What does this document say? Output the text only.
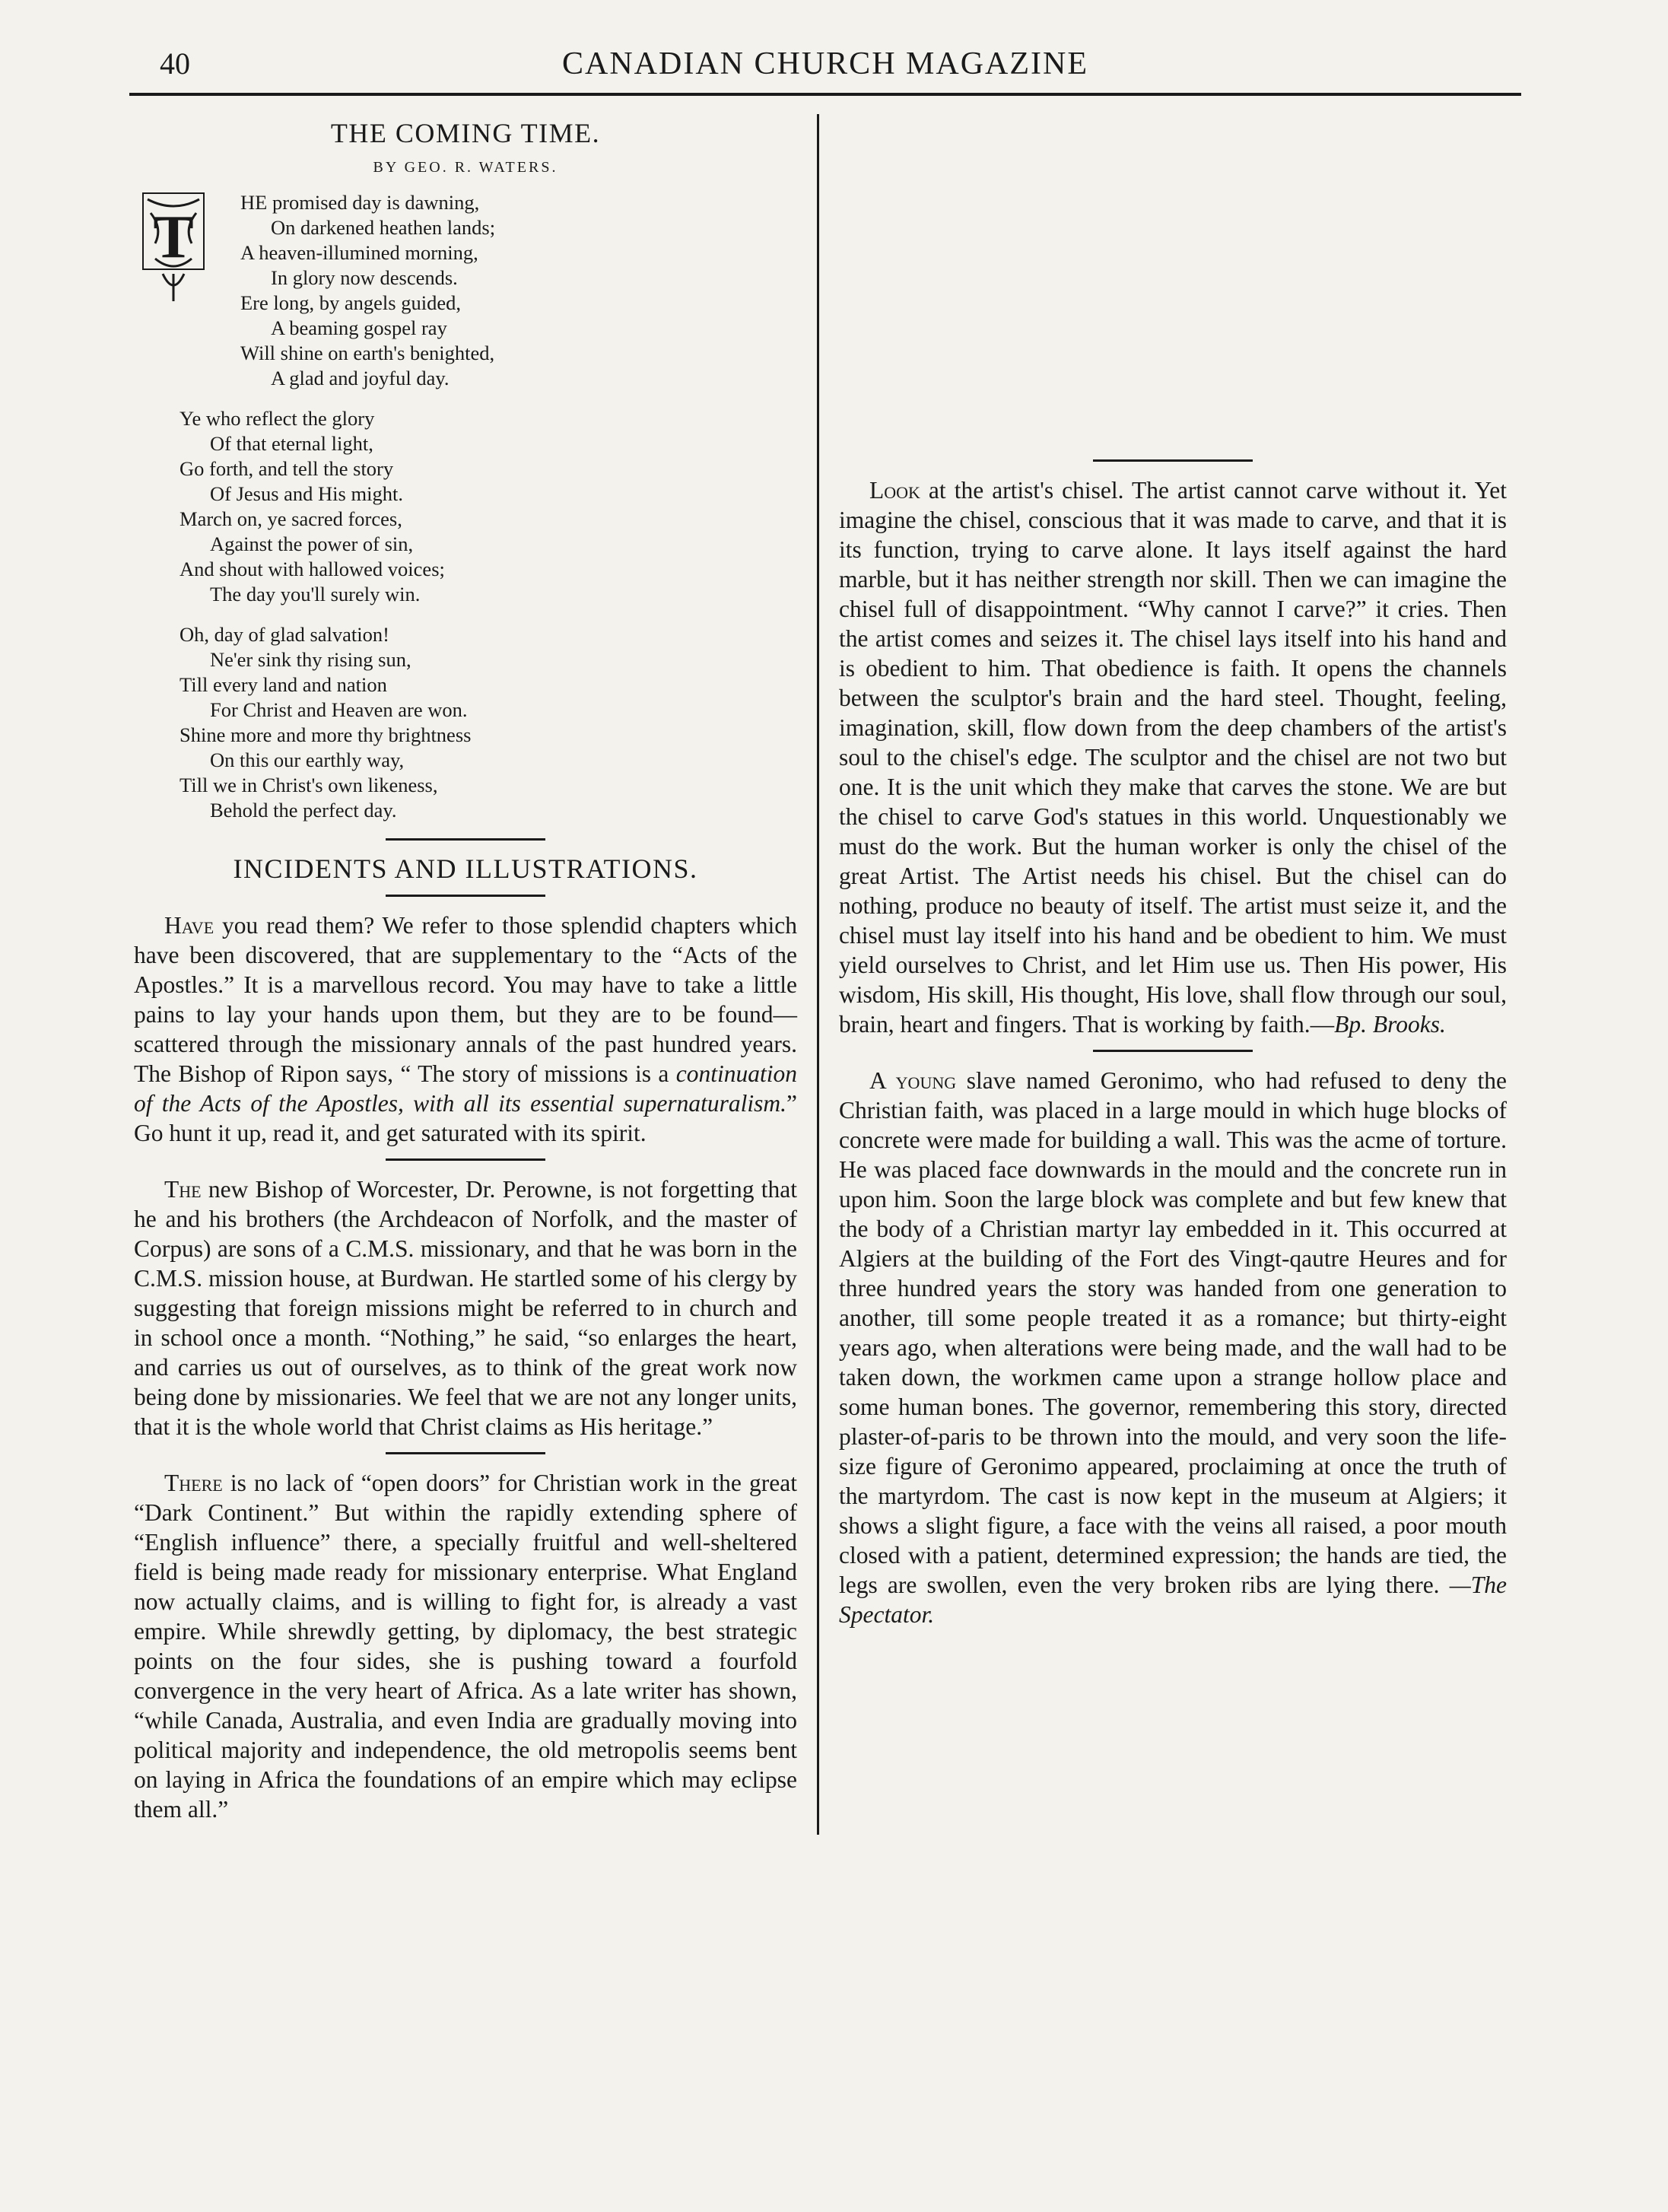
40	CANADIAN CHURCH MAGAZINE
THE COMING TIME.
BY GEO. R. WATERS.
T
HE promised day is dawning,
On darkened heathen lands;
A heaven-illumined morning,
In glory now descends.
Ere long, by angels guided,
A beaming gospel ray
Will shine on earth's benighted,
A glad and joyful day.
Ye who reflect the glory
Of that eternal light,
Go forth, and tell the story
Of Jesus and His might.
March on, ye sacred forces,
Against the power of sin,
And shout with hallowed voices;
The day you'll surely win.
Oh, day of glad salvation!
Ne'er sink thy rising sun,
Till every land and nation
For Christ and Heaven are won.
Shine more and more thy brightness
On this our earthly way,
Till we in Christ's own likeness,
Behold the perfect day.
INCIDENTS AND ILLUSTRATIONS.

Have you read them? We refer to those splendid chapters which have been discovered, that are supplementary to the “Acts of the Apostles.” It is a marvellous record. You may have to take a little pains to lay your hands upon them, but they are to be found—scattered through the missionary annals of the past hundred years. The Bishop of Ripon says, “ The story of missions is a continuation of the Acts of the Apostles, with all its essential supernaturalism.” Go hunt it up, read it, and get saturated with its spirit.

The new Bishop of Worcester, Dr. Perowne, is not forgetting that he and his brothers (the Archdeacon of Norfolk, and the master of Corpus) are sons of a C.M.S. missionary, and that he was born in the C.M.S. mission house, at Burdwan. He startled some of his clergy by suggesting that foreign missions might be referred to in church and in school once a month. “Nothing,” he said, “so enlarges the heart, and carries us out of ourselves, as to think of the great work now being done by missionaries. We feel that we are not any longer units, that it is the whole world that Christ claims as His heritage.”

There is no lack of “open doors” for Christian work in the great “Dark Continent.” But within the rapidly extending sphere of “English influence” there, a specially fruitful and well-sheltered field is being made ready for missionary enterprise. What England now actually claims, and is willing to fight for, is already a vast empire. While shrewdly getting, by diplomacy, the best strategic points on the four sides, she is pushing toward a fourfold convergence in the very heart of Africa. As a late writer has shown, “while Canada, Australia, and even India are gradually moving into political majority and independence, the old metropolis seems bent on laying in Africa the foundations of an empire which may eclipse them all.”

Look at the artist's chisel. The artist cannot carve without it. Yet imagine the chisel, conscious that it was made to carve, and that it is its function, trying to carve alone. It lays itself against the hard marble, but it has neither strength nor skill. Then we can imagine the chisel full of disappointment. “Why cannot I carve?” it cries. Then the artist comes and seizes it. The chisel lays itself into his hand and is obedient to him. That obedience is faith. It opens the channels between the sculptor's brain and the hard steel. Thought, feeling, imagination, skill, flow down from the deep chambers of the artist's soul to the chisel's edge. The sculptor and the chisel are not two but one. It is the unit which they make that carves the stone. We are but the chisel to carve God's statues in this world. Unquestionably we must do the work. But the human worker is only the chisel of the great Artist. The Artist needs his chisel. But the chisel can do nothing, produce no beauty of itself. The artist must seize it, and the chisel must lay itself into his hand and be obedient to him. We must yield ourselves to Christ, and let Him use us. Then His power, His wisdom, His skill, His thought, His love, shall flow through our soul, brain, heart and fingers. That is working by faith.—Bp. Brooks.

A young slave named Geronimo, who had refused to deny the Christian faith, was placed in a large mould in which huge blocks of concrete were made for building a wall. This was the acme of torture. He was placed face downwards in the mould and the concrete run in upon him. Soon the large block was complete and but few knew that the body of a Christian martyr lay embedded in it. This occurred at Algiers at the building of the Fort des Vingt-qautre Heures and for three hundred years the story was handed from one generation to another, till some people treated it as a romance; but thirty-eight years ago, when alterations were being made, and the wall had to be taken down, the workmen came upon a strange hollow place and some human bones. The governor, remembering this story, directed plaster-of-paris to be thrown into the mould, and very soon the life-size figure of Geronimo appeared, proclaiming at once the truth of the martyrdom. The cast is now kept in the museum at Algiers; it shows a slight figure, a face with the veins all raised, a poor mouth closed with a patient, determined expression; the hands are tied, the legs are swollen, even the very broken ribs are lying there. —The Spectator.
